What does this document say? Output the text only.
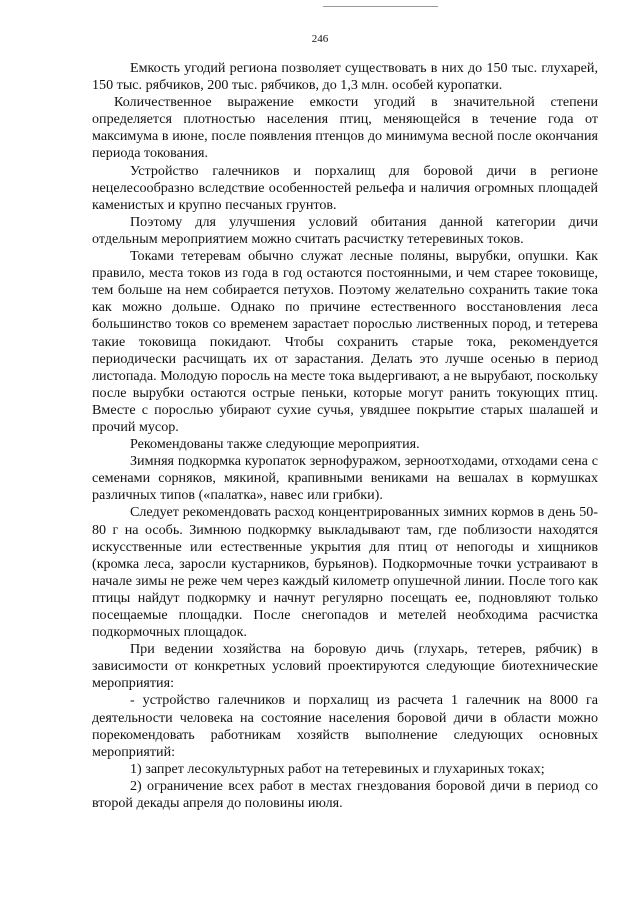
246

Емкость угодий региона позволяет существовать в них до 150 тыс. глухарей, 150 тыс. рябчиков, 200 тыс. рябчиков, до 1,3 млн. особей куропатки.

Количественное выражение емкости угодий в значительной степени определяется плотностью населения птиц, меняющейся в течение года от максимума в июне, после появления птенцов до минимума весной после окончания периода токования.

Устройство галечников и порхалищ для боровой дичи в регионе нецелесообразно вследствие особенностей рельефа и наличия огромных площадей каменистых и крупно песчаных грунтов.

Поэтому для улучшения условий обитания данной категории дичи отдельным мероприятием можно считать расчистку тетеревиных токов.

Токами тетеревам обычно служат лесные поляны, вырубки, опушки. Как правило, места токов из года в год остаются постоянными, и чем старее токовище, тем больше на нем собирается петухов. Поэтому желательно сохранить такие тока как можно дольше. Однако по причине естественного восстановления леса большинство токов со временем зарастает порослью лиственных пород, и тетерева такие токовища покидают. Чтобы сохранить старые тока, рекомендуется периодически расчищать их от зарастания. Делать это лучше осенью в период листопада. Молодую поросль на месте тока выдергивают, а не вырубают, поскольку после вырубки остаются острые пеньки, которые могут ранить токующих птиц. Вместе с порослью убирают сухие сучья, увядшее покрытие старых шалашей и прочий мусор.

Рекомендованы также следующие мероприятия.

Зимняя подкормка куропаток зернофуражом, зерноотходами, отходами сена с семенами сорняков, мякиной, крапивными вениками на вешалах в кормушках различных типов («палатка», навес или грибки).

Следует рекомендовать расход концентрированных зимних кормов в день 50-80 г на особь. Зимнюю подкормку выкладывают там, где поблизости находятся искусственные или естественные укрытия для птиц от непогоды и хищников (кромка леса, заросли кустарников, бурьянов). Подкормочные точки устраивают в начале зимы не реже чем через каждый километр опушечной линии. После того как птицы найдут подкормку и начнут регулярно посещать ее, подновляют только посещаемые площадки. После снегопадов и метелей необходима расчистка подкормочных площадок.

При ведении хозяйства на боровую дичь (глухарь, тетерев, рябчик) в зависимости от конкретных условий проектируются следующие биотехнические мероприятия:

- устройство галечников и порхалищ из расчета 1 галечник на 8000 га деятельности человека на состояние населения боровой дичи в области можно порекомендовать работникам хозяйств выполнение следующих основных мероприятий:

1) запрет лесокультурных работ на тетеревиных и глухариных токах;

2) ограничение всех работ в местах гнездования боровой дичи в период со второй декады апреля до половины июля.
